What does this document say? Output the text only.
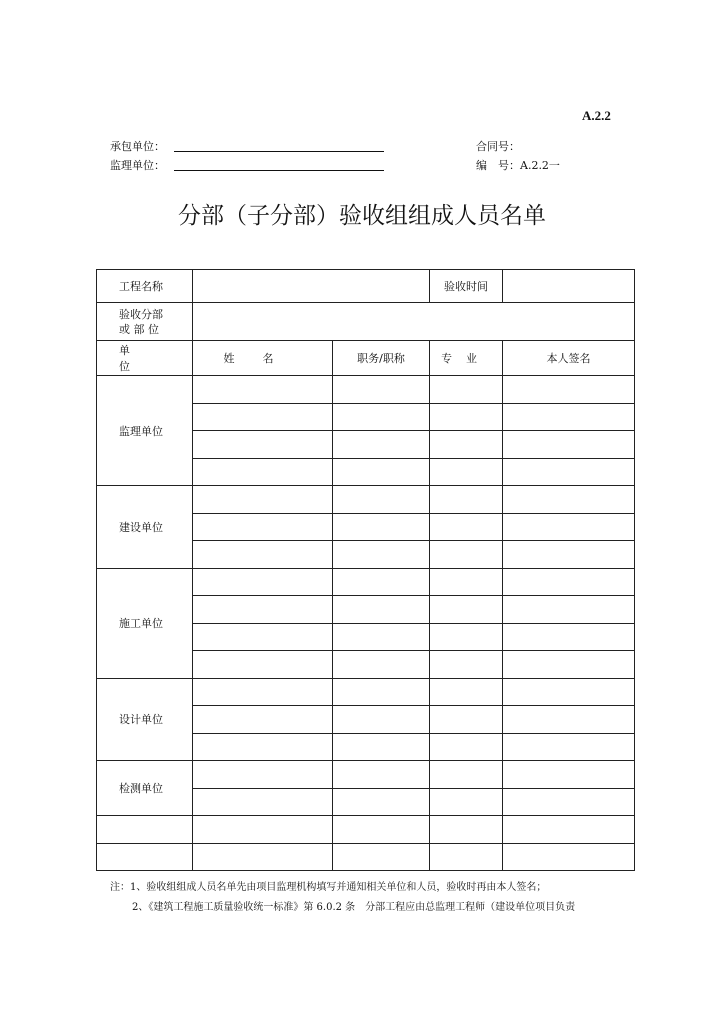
A.2.2
承包单位：
监理单位：
合同号：
编　号：A.2.2一
分部（子分部）验收组组成人员名单
工程名称			验收时间	

验收分部
或 部 位				

单位	姓名	职务/职称	专业	本人签名
监理单位				

建设单位				

施工单位				

设计单位				

检测单位				

注：1、验收组组成人员名单先由项目监理机构填写并通知相关单位和人员，验收时再由本人签名；
2、《建筑工程施工质量验收统一标准》第 6.0.2 条　分部工程应由总监理工程师（建设单位项目负责
